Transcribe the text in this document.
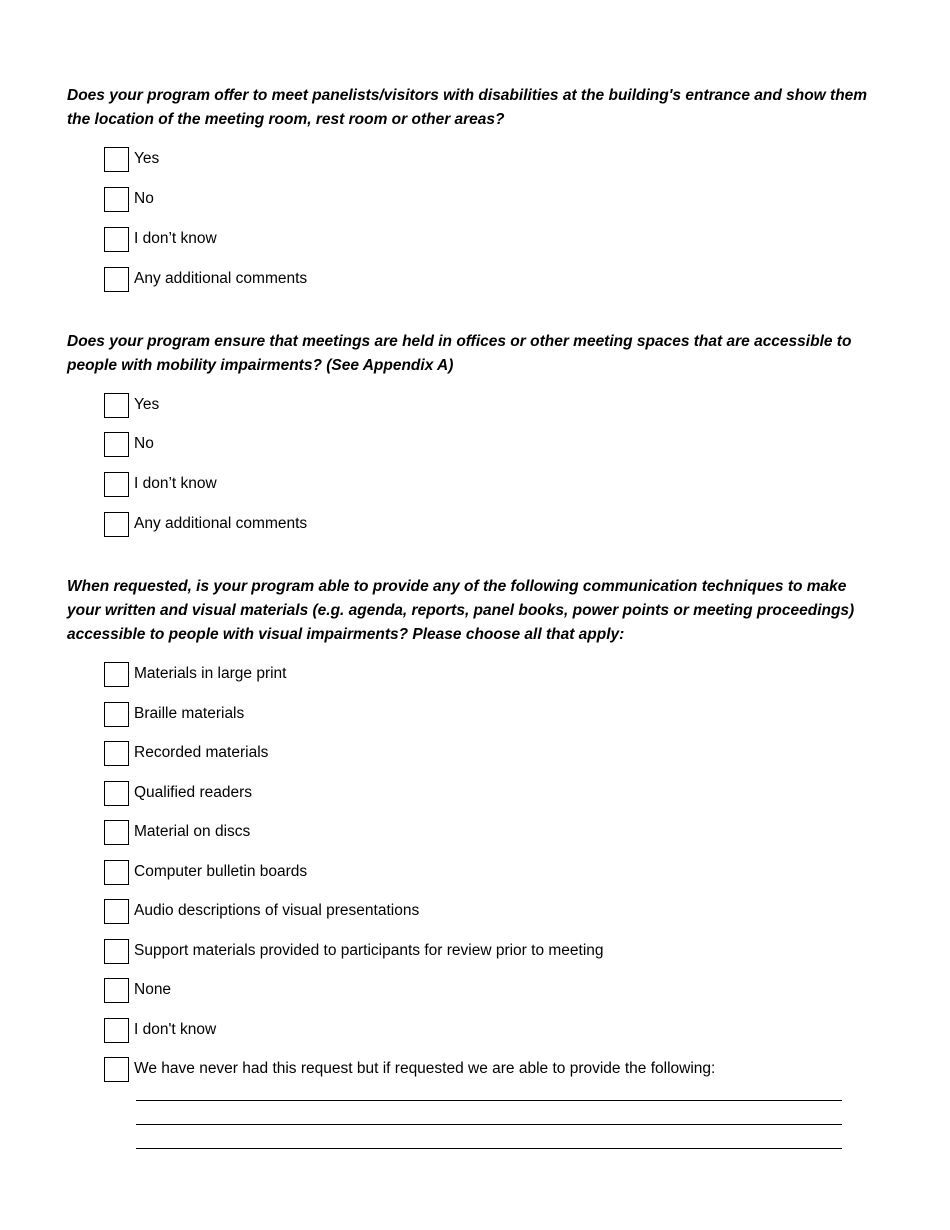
Does your program offer to meet panelists/visitors with disabilities at the building's entrance and show them the location of the meeting room, rest room or other areas?

Yes
No
I don’t know
Any additional comments

Does your program ensure that meetings are held in offices or other meeting spaces that are accessible to people with mobility impairments? (See Appendix A)

Yes
No
I don’t know
Any additional comments

When requested, is your program able to provide any of the following communication techniques to make your written and visual materials (e.g. agenda, reports, panel books, power points or meeting proceedings) accessible to people with visual impairments? Please choose all that apply:

Materials in large print
Braille materials
Recorded materials
Qualified readers
Material on discs
Computer bulletin boards
Audio descriptions of visual presentations
Support materials provided to participants for review prior to meeting
None
I don't know
We have never had this request but if requested we are able to provide the following:
